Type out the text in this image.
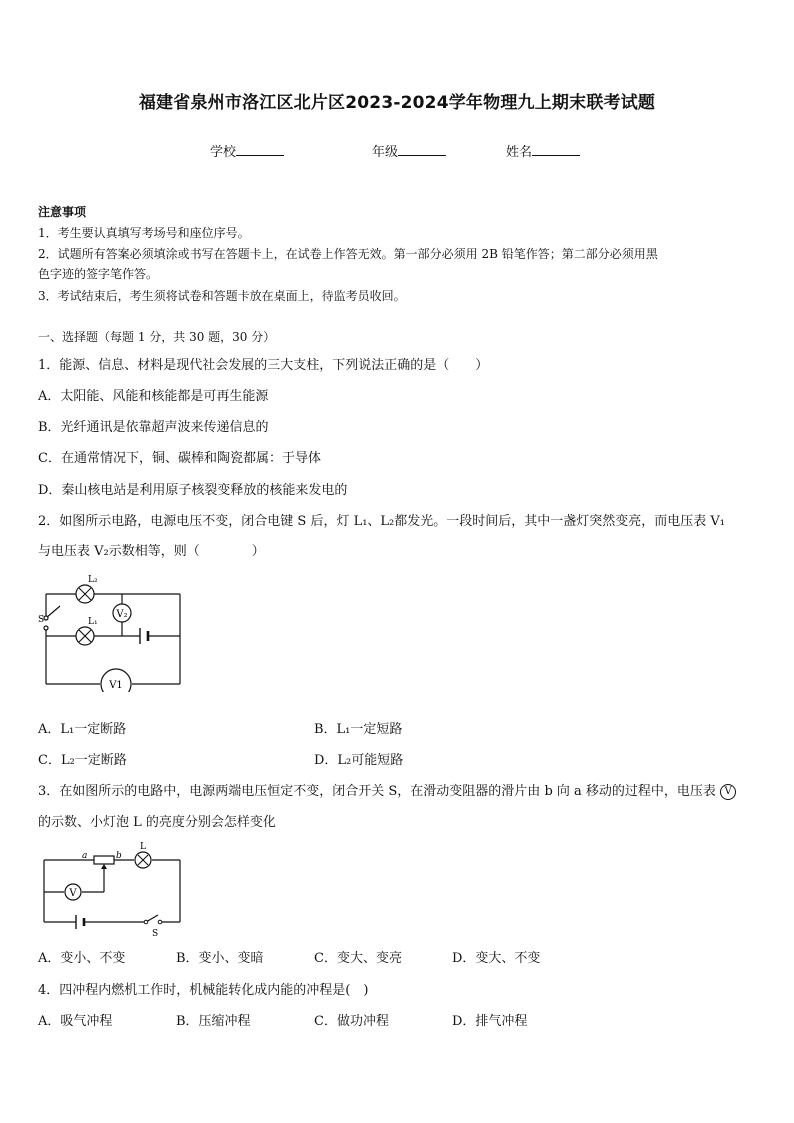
福建省泉州市洛江区北片区2023-2024学年物理九上期末联考试题
学校	年级	姓名
注意事项
1．考生要认真填写考场号和座位序号。
2．试题所有答案必须填涂或书写在答题卡上，在试卷上作答无效。第一部分必须用 2B 铅笔作答；第二部分必须用黑
色字迹的签字笔作答。
3．考试结束后，考生须将试卷和答题卡放在桌面上，待监考员收回。
一、选择题（每题 1 分，共 30 题，30 分）
1．能源、信息、材料是现代社会发展的三大支柱，下列说法正确的是（　　）
A．太阳能、风能和核能都是可再生能源
B．光纤通讯是依靠超声波来传递信息的
C．在通常情况下，铜、碳棒和陶瓷都属：于导体
D．秦山核电站是利用原子核裂变释放的核能来发电的
2．如图所示电路，电源电压不变，闭合电键 S 后，灯 L₁、L₂都发光。一段时间后，其中一盏灯突然变亮，而电压表 V₁
与电压表 V₂示数相等，则（　　　　）
V₂
V1
L₂
L₁
S
A．L₁一定断路	B．L₁一定短路
C．L₂一定断路	D．L₂可能短路
3．在如图所示的电路中，电源两端电压恒定不变，闭合开关 S，在滑动变阻器的滑片由 b 向 a 移动的过程中，电压表 V
的示数、小灯泡 L 的亮度分别会怎样变化
V
a	b
L
S
A．变小、不变	B．变小、变暗	C．变大、变亮	D．变大、不变
4．四冲程内燃机工作时，机械能转化成内能的冲程是(　)
A．吸气冲程	B．压缩冲程	C．做功冲程	D．排气冲程
